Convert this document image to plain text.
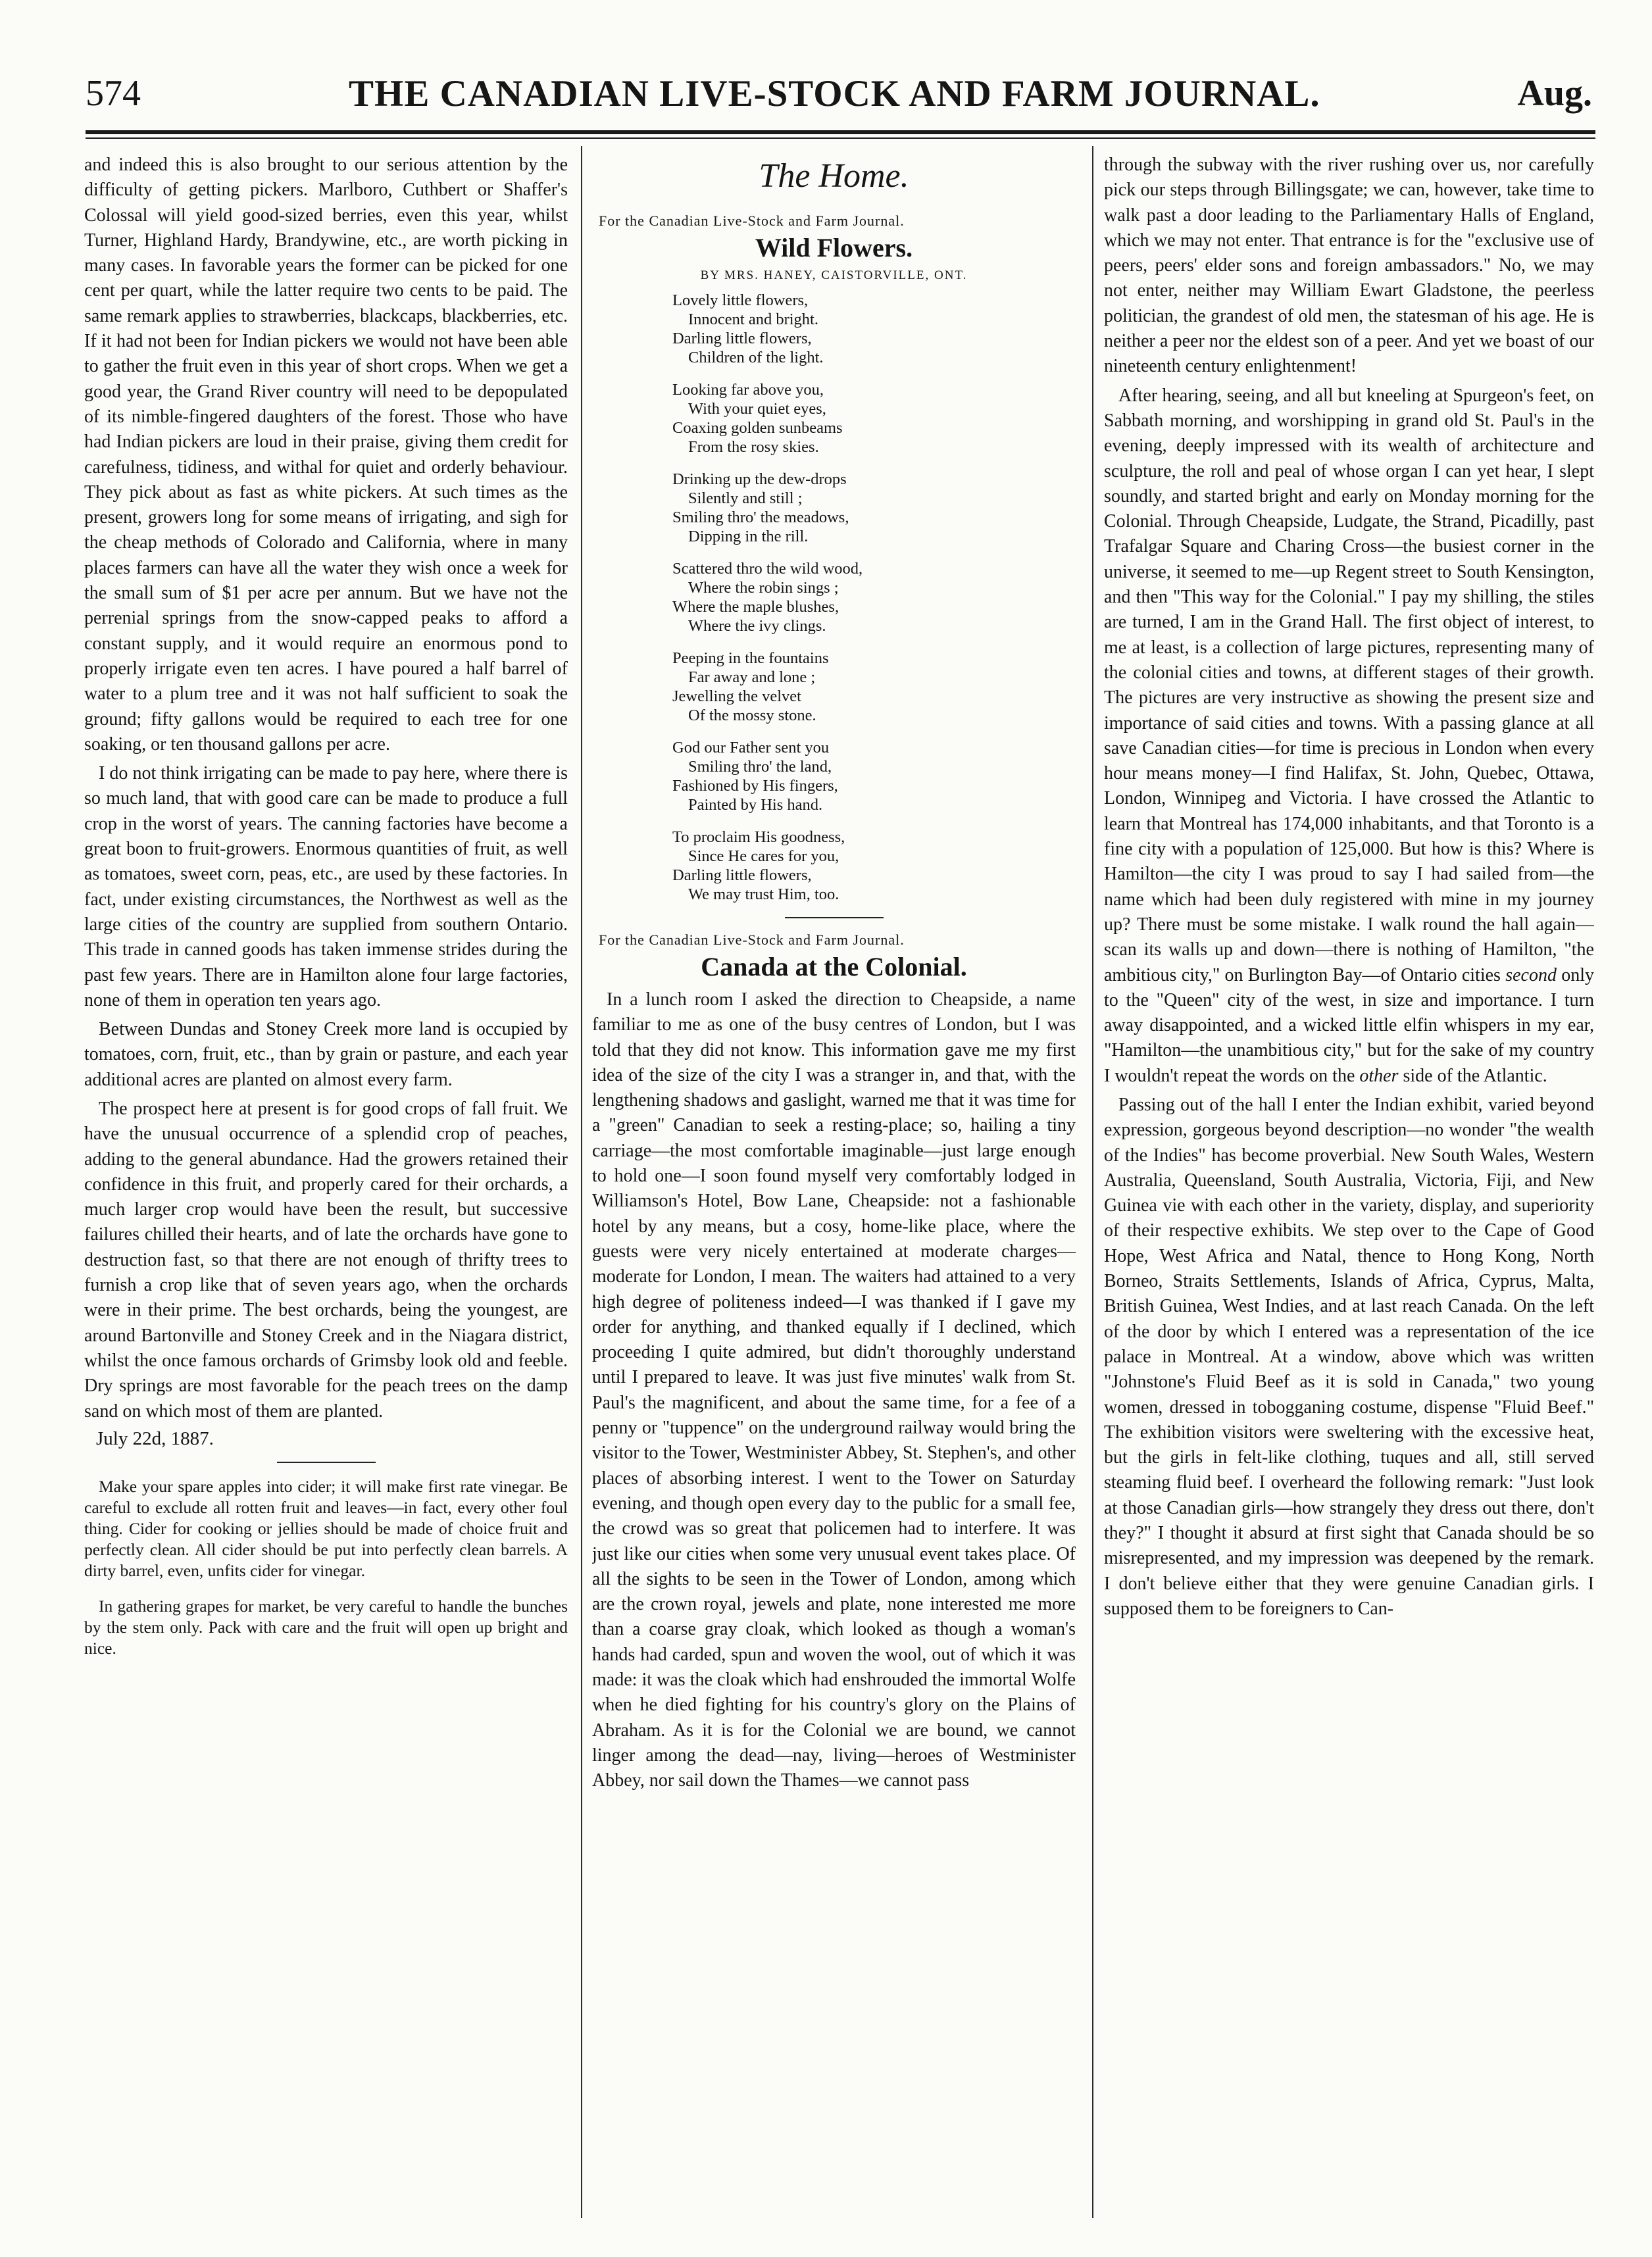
574	THE CANADIAN LIVE-STOCK AND FARM JOURNAL.	Aug.

and indeed this is also brought to our serious attention by the difficulty of getting pickers. Marlboro, Cuthbert or Shaffer's Colossal will yield good-sized berries, even this year, whilst Turner, Highland Hardy, Brandywine, etc., are worth picking in many cases. In favorable years the former can be picked for one cent per quart, while the latter require two cents to be paid. The same remark applies to strawberries, blackcaps, blackberries, etc. If it had not been for Indian pickers we would not have been able to gather the fruit even in this year of short crops. When we get a good year, the Grand River country will need to be depopulated of its nimble-fingered daughters of the forest. Those who have had Indian pickers are loud in their praise, giving them credit for carefulness, tidiness, and withal for quiet and orderly behaviour. They pick about as fast as white pickers. At such times as the present, growers long for some means of irrigating, and sigh for the cheap methods of Colorado and California, where in many places farmers can have all the water they wish once a week for the small sum of $1 per acre per annum. But we have not the perrenial springs from the snow-capped peaks to afford a constant supply, and it would require an enormous pond to properly irrigate even ten acres. I have poured a half barrel of water to a plum tree and it was not half sufficient to soak the ground; fifty gallons would be required to each tree for one soaking, or ten thousand gallons per acre.

I do not think irrigating can be made to pay here, where there is so much land, that with good care can be made to produce a full crop in the worst of years. The canning factories have become a great boon to fruit-growers. Enormous quantities of fruit, as well as tomatoes, sweet corn, peas, etc., are used by these factories. In fact, under existing circumstances, the Northwest as well as the large cities of the country are supplied from southern Ontario. This trade in canned goods has taken immense strides during the past few years. There are in Hamilton alone four large factories, none of them in operation ten years ago.

Between Dundas and Stoney Creek more land is occupied by tomatoes, corn, fruit, etc., than by grain or pasture, and each year additional acres are planted on almost every farm.

The prospect here at present is for good crops of fall fruit. We have the unusual occurrence of a splendid crop of peaches, adding to the general abundance. Had the growers retained their confidence in this fruit, and properly cared for their orchards, a much larger crop would have been the result, but successive failures chilled their hearts, and of late the orchards have gone to destruction fast, so that there are not enough of thrifty trees to furnish a crop like that of seven years ago, when the orchards were in their prime. The best orchards, being the youngest, are around Bartonville and Stoney Creek and in the Niagara district, whilst the once famous orchards of Grimsby look old and feeble. Dry springs are most favorable for the peach trees on the damp sand on which most of them are planted.

July 22d, 1887.

Make your spare apples into cider; it will make first rate vinegar. Be careful to exclude all rotten fruit and leaves—in fact, every other foul thing. Cider for cooking or jellies should be made of choice fruit and perfectly clean. All cider should be put into perfectly clean barrels. A dirty barrel, even, unfits cider for vinegar.

In gathering grapes for market, be very careful to handle the bunches by the stem only. Pack with care and the fruit will open up bright and nice.

The Home.
For the Canadian Live-Stock and Farm Journal.
Wild Flowers.
BY MRS. HANEY, CAISTORVILLE, ONT.
Lovely little flowers,
Innocent and bright.
Darling little flowers,
Children of the light.
Looking far above you,
With your quiet eyes,
Coaxing golden sunbeams
From the rosy skies.
Drinking up the dew-drops
Silently and still ;
Smiling thro' the meadows,
Dipping in the rill.
Scattered thro the wild wood,
Where the robin sings ;
Where the maple blushes,
Where the ivy clings.
Peeping in the fountains
Far away and lone ;
Jewelling the velvet
Of the mossy stone.
God our Father sent you
Smiling thro' the land,
Fashioned by His fingers,
Painted by His hand.
To proclaim His goodness,
Since He cares for you,
Darling little flowers,
We may trust Him, too.
For the Canadian Live-Stock and Farm Journal.
Canada at the Colonial.

In a lunch room I asked the direction to Cheapside, a name familiar to me as one of the busy centres of London, but I was told that they did not know. This information gave me my first idea of the size of the city I was a stranger in, and that, with the lengthening shadows and gaslight, warned me that it was time for a "green" Canadian to seek a resting-place; so, hailing a tiny carriage—the most comfortable imaginable—just large enough to hold one—I soon found myself very comfortably lodged in Williamson's Hotel, Bow Lane, Cheapside: not a fashionable hotel by any means, but a cosy, home-like place, where the guests were very nicely entertained at moderate charges—moderate for London, I mean. The waiters had attained to a very high degree of politeness indeed—I was thanked if I gave my order for anything, and thanked equally if I declined, which proceeding I quite admired, but didn't thoroughly understand until I prepared to leave. It was just five minutes' walk from St. Paul's the magnificent, and about the same time, for a fee of a penny or "tuppence" on the underground railway would bring the visitor to the Tower, Westminister Abbey, St. Stephen's, and other places of absorbing interest. I went to the Tower on Saturday evening, and though open every day to the public for a small fee, the crowd was so great that policemen had to interfere. It was just like our cities when some very unusual event takes place. Of all the sights to be seen in the Tower of London, among which are the crown royal, jewels and plate, none interested me more than a coarse gray cloak, which looked as though a woman's hands had carded, spun and woven the wool, out of which it was made: it was the cloak which had enshrouded the immortal Wolfe when he died fighting for his country's glory on the Plains of Abraham. As it is for the Colonial we are bound, we cannot linger among the dead—nay, living—heroes of Westminister Abbey, nor sail down the Thames—we cannot pass

through the subway with the river rushing over us, nor carefully pick our steps through Billingsgate; we can, however, take time to walk past a door leading to the Parliamentary Halls of England, which we may not enter. That entrance is for the "exclusive use of peers, peers' elder sons and foreign ambassadors." No, we may not enter, neither may William Ewart Gladstone, the peerless politician, the grandest of old men, the statesman of his age. He is neither a peer nor the eldest son of a peer. And yet we boast of our nineteenth century enlightenment!

After hearing, seeing, and all but kneeling at Spurgeon's feet, on Sabbath morning, and worshipping in grand old St. Paul's in the evening, deeply impressed with its wealth of architecture and sculpture, the roll and peal of whose organ I can yet hear, I slept soundly, and started bright and early on Monday morning for the Colonial. Through Cheapside, Ludgate, the Strand, Picadilly, past Trafalgar Square and Charing Cross—the busiest corner in the universe, it seemed to me—up Regent street to South Kensington, and then "This way for the Colonial." I pay my shilling, the stiles are turned, I am in the Grand Hall. The first object of interest, to me at least, is a collection of large pictures, representing many of the colonial cities and towns, at different stages of their growth. The pictures are very instructive as showing the present size and importance of said cities and towns. With a passing glance at all save Canadian cities—for time is precious in London when every hour means money—I find Halifax, St. John, Quebec, Ottawa, London, Winnipeg and Victoria. I have crossed the Atlantic to learn that Montreal has 174,000 inhabitants, and that Toronto is a fine city with a population of 125,000. But how is this? Where is Hamilton—the city I was proud to say I had sailed from—the name which had been duly registered with mine in my journey up? There must be some mistake. I walk round the hall again—scan its walls up and down—there is nothing of Hamilton, "the ambitious city," on Burlington Bay—of Ontario cities second only to the "Queen" city of the west, in size and importance. I turn away disappointed, and a wicked little elfin whispers in my ear, "Hamilton—the unambitious city," but for the sake of my country I wouldn't repeat the words on the other side of the Atlantic.

Passing out of the hall I enter the Indian exhibit, varied beyond expression, gorgeous beyond description—no wonder "the wealth of the Indies" has become proverbial. New South Wales, Western Australia, Queensland, South Australia, Victoria, Fiji, and New Guinea vie with each other in the variety, display, and superiority of their respective exhibits. We step over to the Cape of Good Hope, West Africa and Natal, thence to Hong Kong, North Borneo, Straits Settlements, Islands of Africa, Cyprus, Malta, British Guinea, West Indies, and at last reach Canada. On the left of the door by which I entered was a representation of the ice palace in Montreal. At a window, above which was written "Johnstone's Fluid Beef as it is sold in Canada," two young women, dressed in tobogganing costume, dispense "Fluid Beef." The exhibition visitors were sweltering with the excessive heat, but the girls in felt-like clothing, tuques and all, still served steaming fluid beef. I overheard the following remark: "Just look at those Canadian girls—how strangely they dress out there, don't they?" I thought it absurd at first sight that Canada should be so misrepresented, and my impression was deepened by the remark. I don't believe either that they were genuine Canadian girls. I supposed them to be foreigners to Can-
